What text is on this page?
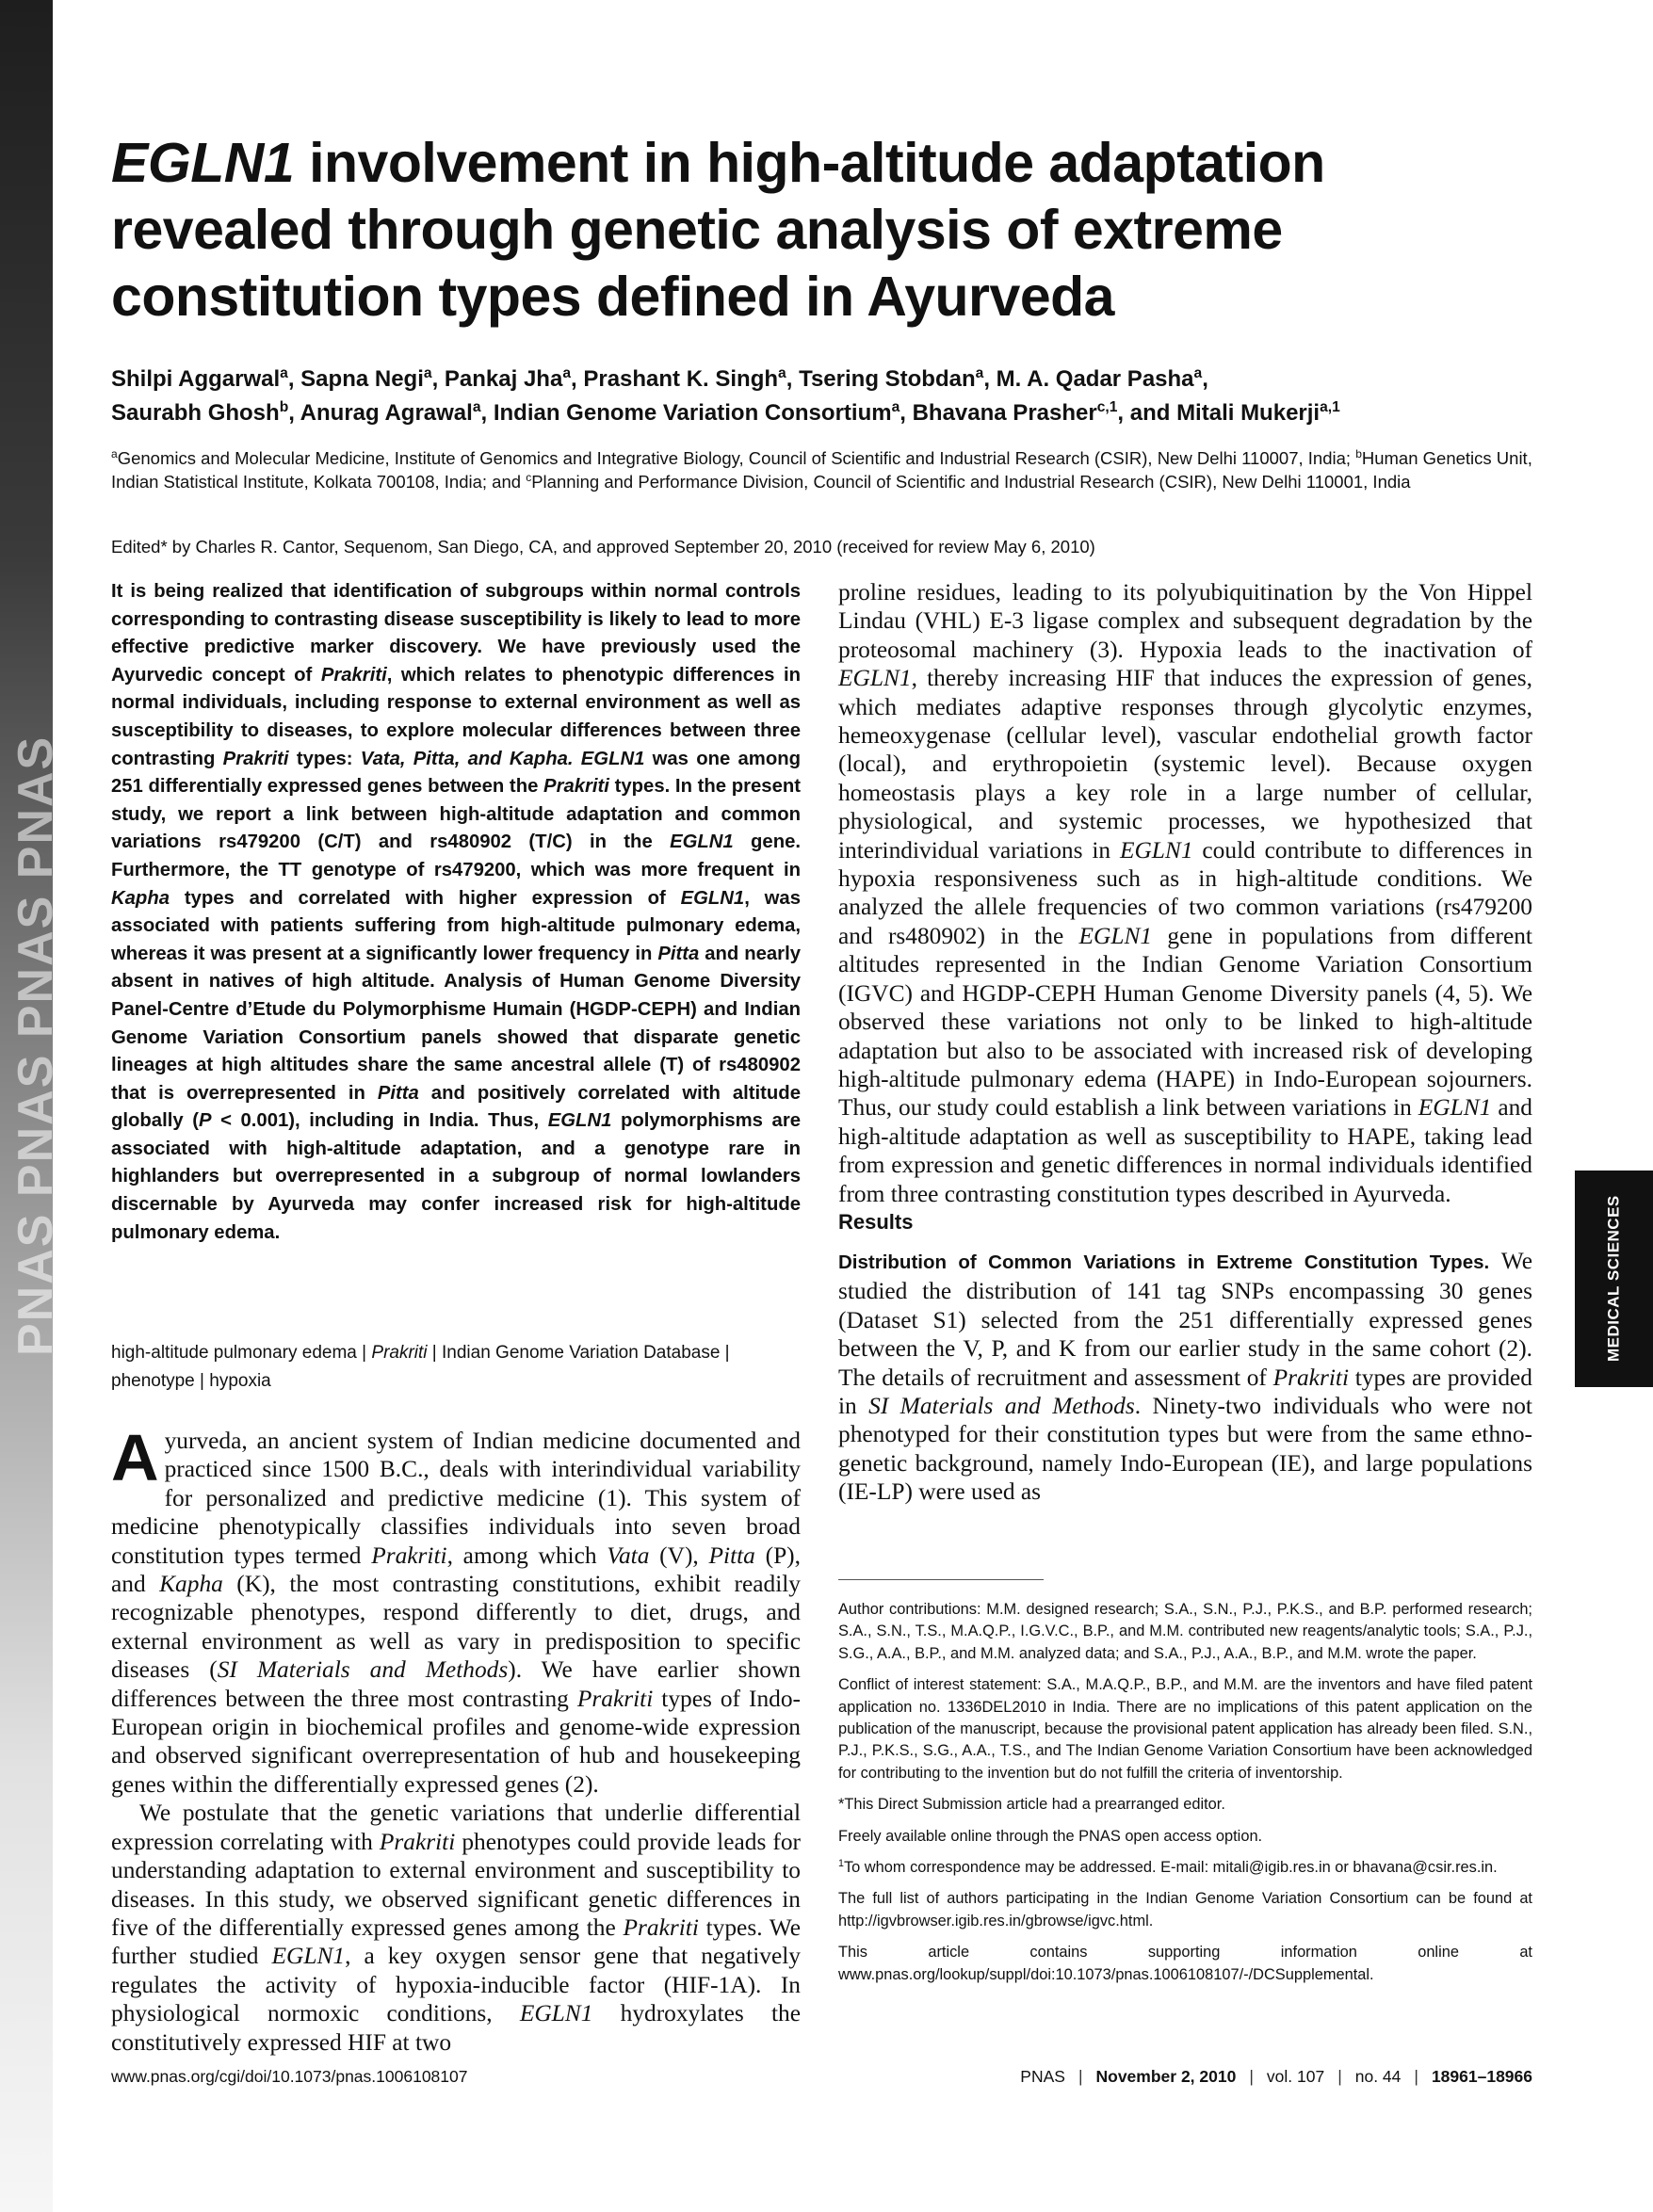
PNAS PNAS PNAS PNAS
EGLN1 involvement in high-altitude adaptation revealed through genetic analysis of extreme constitution types defined in Ayurveda
Shilpi Aggarwal$^a$, Sapna Negi$^a$, Pankaj Jha$^a$, Prashant K. Singh$^a$, Tsering Stobdan$^a$, M. A. Qadar Pasha$^a$,
Saurabh Ghosh$^b$, Anurag Agrawal$^a$, Indian Genome Variation Consortium$^a$, Bhavana Prasher$^{c,1}$, and Mitali Mukerji$^{a,1}$
$^a$Genomics and Molecular Medicine, Institute of Genomics and Integrative Biology, Council of Scientific and Industrial Research (CSIR), New Delhi 110007, India; $^b$Human Genetics Unit, Indian Statistical Institute, Kolkata 700108, India; and $^c$Planning and Performance Division, Council of Scientific and Industrial Research (CSIR), New Delhi 110001, India
Edited* by Charles R. Cantor, Sequenom, San Diego, CA, and approved September 20, 2010 (received for review May 6, 2010)

It is being realized that identification of subgroups within normal controls corresponding to contrasting disease susceptibility is likely to lead to more effective predictive marker discovery. We have previously used the Ayurvedic concept of Prakriti, which relates to phenotypic differences in normal individuals, including response to external environment as well as susceptibility to diseases, to explore molecular differences between three contrasting Prakriti types: Vata, Pitta, and Kapha. EGLN1 was one among 251 differentially expressed genes between the Prakriti types. In the present study, we report a link between high-altitude adaptation and common variations rs479200 (C/T) and rs480902 (T/C) in the EGLN1 gene. Furthermore, the TT genotype of rs479200, which was more frequent in Kapha types and correlated with higher expression of EGLN1, was associated with patients suffering from high-altitude pulmonary edema, whereas it was present at a significantly lower frequency in Pitta and nearly absent in natives of high altitude. Analysis of Human Genome Diversity Panel-Centre d’Etude du Polymorphisme Humain (HGDP-CEPH) and Indian Genome Variation Consortium panels showed that disparate genetic lineages at high altitudes share the same ancestral allele (T) of rs480902 that is overrepresented in Pitta and positively correlated with altitude globally (P < 0.001), including in India. Thus, EGLN1 polymorphisms are associated with high-altitude adaptation, and a genotype rare in highlanders but overrepresented in a subgroup of normal lowlanders discernable by Ayurveda may confer increased risk for high-altitude pulmonary edema.

high-altitude pulmonary edema | Prakriti | Indian Genome Variation Database | phenotype | hypoxia

Ayurveda, an ancient system of Indian medicine documented and practiced since 1500 B.C., deals with interindividual variability for personalized and predictive medicine (1). This system of medicine phenotypically classifies individuals into seven broad constitution types termed Prakriti, among which Vata (V), Pitta (P), and Kapha (K), the most contrasting constitutions, exhibit readily recognizable phenotypes, respond differently to diet, drugs, and external environment as well as vary in predisposition to specific diseases (SI Materials and Methods). We have earlier shown differences between the three most contrasting Prakriti types of Indo-European origin in biochemical profiles and genome-wide expression and observed significant overrepresentation of hub and housekeeping genes within the differentially expressed genes (2).

We postulate that the genetic variations that underlie differential expression correlating with Prakriti phenotypes could provide leads for understanding adaptation to external environment and susceptibility to diseases. In this study, we observed significant genetic differences in five of the differentially expressed genes among the Prakriti types. We further studied EGLN1, a key oxygen sensor gene that negatively regulates the activity of hypoxia-inducible factor (HIF-1A). In physiological normoxic conditions, EGLN1 hydroxylates the constitutively expressed HIF at two

proline residues, leading to its polyubiquitination by the Von Hippel Lindau (VHL) E-3 ligase complex and subsequent degradation by the proteosomal machinery (3). Hypoxia leads to the inactivation of EGLN1, thereby increasing HIF that induces the expression of genes, which mediates adaptive responses through glycolytic enzymes, hemeoxygenase (cellular level), vascular endothelial growth factor (local), and erythropoietin (systemic level). Because oxygen homeostasis plays a key role in a large number of cellular, physiological, and systemic processes, we hypothesized that interindividual variations in EGLN1 could contribute to differences in hypoxia responsiveness such as in high-altitude conditions. We analyzed the allele frequencies of two common variations (rs479200 and rs480902) in the EGLN1 gene in populations from different altitudes represented in the Indian Genome Variation Consortium (IGVC) and HGDP-CEPH Human Genome Diversity panels (4, 5). We observed these variations not only to be linked to high-altitude adaptation but also to be associated with increased risk of developing high-altitude pulmonary edema (HAPE) in Indo-European sojourners. Thus, our study could establish a link between variations in EGLN1 and high-altitude adaptation as well as susceptibility to HAPE, taking lead from expression and genetic differences in normal individuals identified from three contrasting constitution types described in Ayurveda.

Results

Distribution of Common Variations in Extreme Constitution Types. We studied the distribution of 141 tag SNPs encompassing 30 genes (Dataset S1) selected from the 251 differentially expressed genes between the V, P, and K from our earlier study in the same cohort (2). The details of recruitment and assessment of Prakriti types are provided in SI Materials and Methods. Ninety-two individuals who were not phenotyped for their constitution types but were from the same ethno-genetic background, namely Indo-European (IE), and large populations (IE-LP) were used as

Author contributions: M.M. designed research; S.A., S.N., P.J., P.K.S., and B.P. performed research; S.A., S.N., T.S., M.A.Q.P., I.G.V.C., B.P., and M.M. contributed new reagents/analytic tools; S.A., P.J., S.G., A.A., B.P., and M.M. analyzed data; and S.A., P.J., A.A., B.P., and M.M. wrote the paper.

Conflict of interest statement: S.A., M.A.Q.P., B.P., and M.M. are the inventors and have filed patent application no. 1336DEL2010 in India. There are no implications of this patent application on the publication of the manuscript, because the provisional patent application has already been filed. S.N., P.J., P.K.S., S.G., A.A., T.S., and The Indian Genome Variation Consortium have been acknowledged for contributing to the invention but do not fulfill the criteria of inventorship.

*This Direct Submission article had a prearranged editor.

Freely available online through the PNAS open access option.

$^1$To whom correspondence may be addressed. E-mail: mitali@igib.res.in or bhavana@csir.res.in.

The full list of authors participating in the Indian Genome Variation Consortium can be found at http://igvbrowser.igib.res.in/gbrowse/igvc.html.

This article contains supporting information online at www.pnas.org/lookup/suppl/doi:10.1073/pnas.1006108107/-/DCSupplemental.

MEDICAL SCIENCES
www.pnas.org/cgi/doi/10.1073/pnas.1006108107	PNAS | November 2, 2010 | vol. 107 | no. 44 | 18961–18966
